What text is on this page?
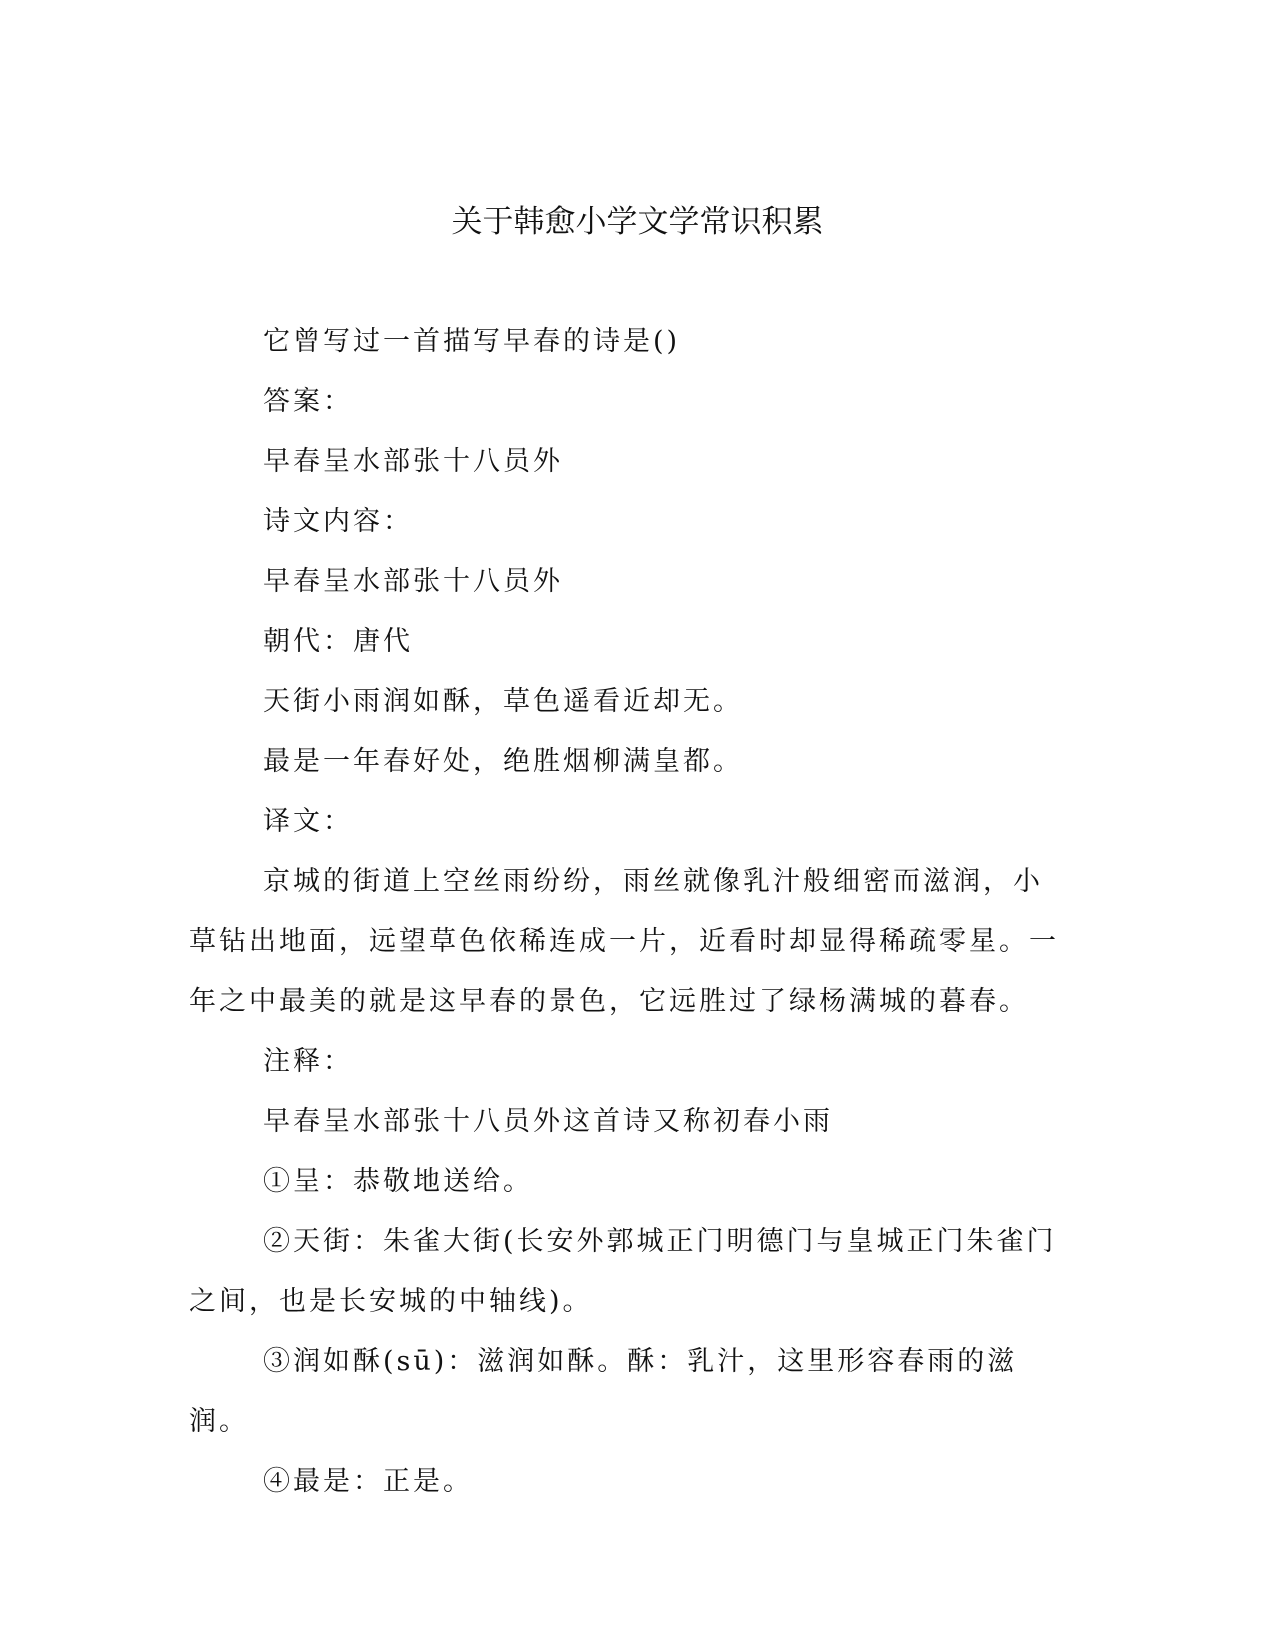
关于韩愈小学文学常识积累

它曾写过一首描写早春的诗是()

答案：

早春呈水部张十八员外

诗文内容：

早春呈水部张十八员外

朝代：唐代

天街小雨润如酥，草色遥看近却无。

最是一年春好处，绝胜烟柳满皇都。

译文：

京城的街道上空丝雨纷纷，雨丝就像乳汁般细密而滋润，小草钻出地面，远望草色依稀连成一片，近看时却显得稀疏零星。一年之中最美的就是这早春的景色，它远胜过了绿杨满城的暮春。

注释：

早春呈水部张十八员外这首诗又称初春小雨

①呈：恭敬地送给。

②天街：朱雀大街(长安外郭城正门明德门与皇城正门朱雀门之间，也是长安城的中轴线)。

③润如酥(sū)：滋润如酥。酥：乳汁，这里形容春雨的滋润。

④最是：正是。
